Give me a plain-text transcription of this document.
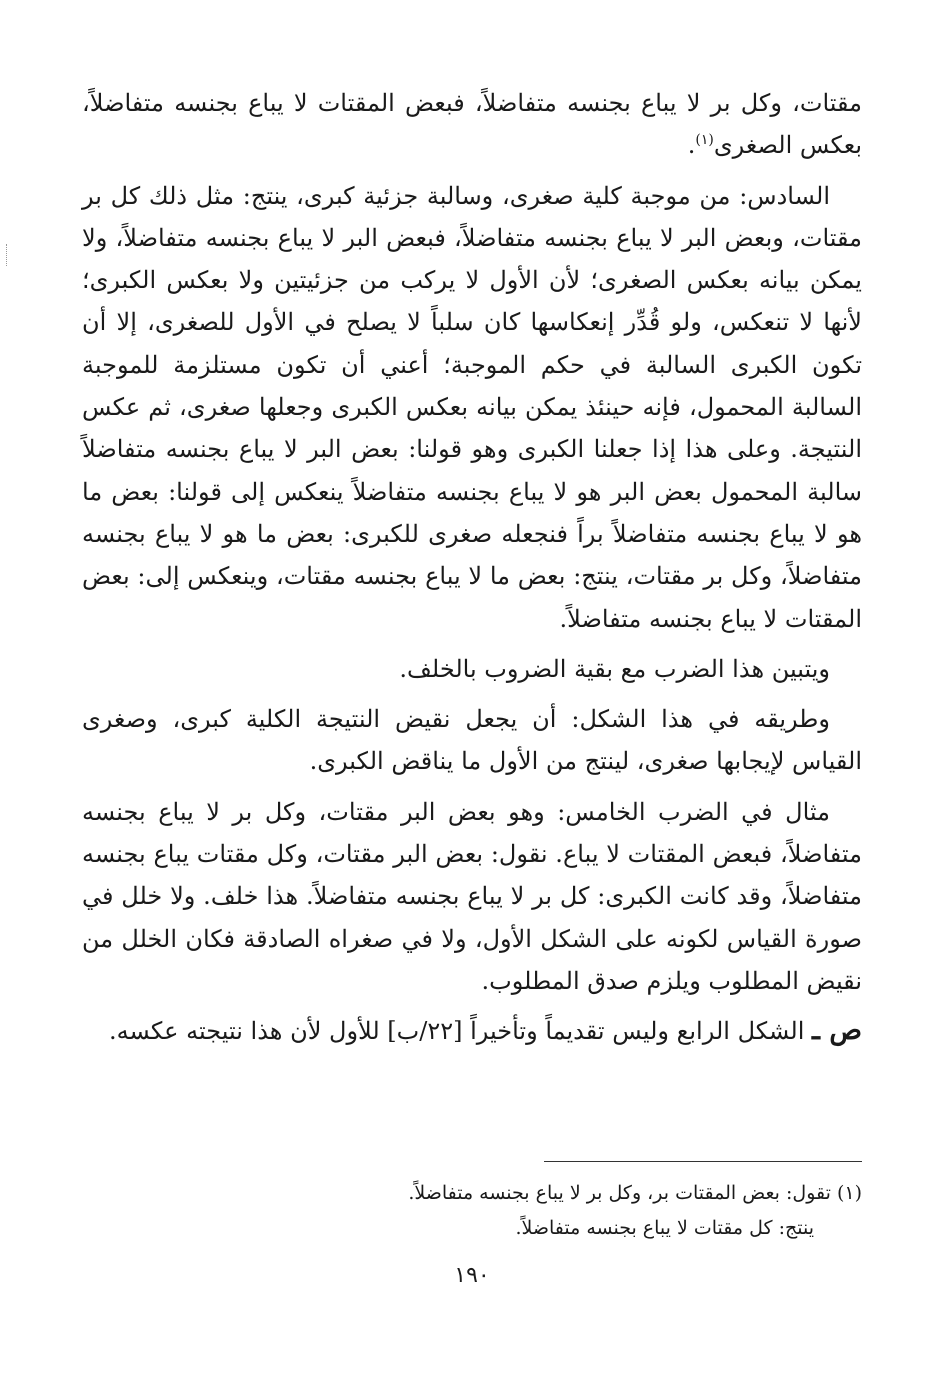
مقتات، وكل بر لا يباع بجنسه متفاضلاً، فبعض المقتات لا يباع بجنسه متفاضلاً، بعكس الصغرى$^{(١)}$.

السادس: من موجبة كلية صغرى، وسالبة جزئية كبرى، ينتج: مثل ذلك كل بر مقتات، وبعض البر لا يباع بجنسه متفاضلاً، فبعض البر لا يباع بجنسه متفاضلاً، ولا يمكن بيانه بعكس الصغرى؛ لأن الأول لا يركب من جزئيتين ولا بعكس الكبرى؛ لأنها لا تنعكس، ولو قُدِّر إنعكاسها كان سلباً لا يصلح في الأول للصغرى، إلا أن تكون الكبرى السالبة في حكم الموجبة؛ أعني أن تكون مستلزمة للموجبة السالبة المحمول، فإنه حينئذ يمكن بيانه بعكس الكبرى وجعلها صغرى، ثم عكس النتيجة. وعلى هذا إذا جعلنا الكبرى وهو قولنا: بعض البر لا يباع بجنسه متفاضلاً سالبة المحمول بعض البر هو لا يباع بجنسه متفاضلاً ينعكس إلى قولنا: بعض ما هو لا يباع بجنسه متفاضلاً براً فنجعله صغرى للكبرى: بعض ما هو لا يباع بجنسه متفاضلاً، وكل بر مقتات، ينتج: بعض ما لا يباع بجنسه مقتات، وينعكس إلى: بعض المقتات لا يباع بجنسه متفاضلاً.

ويتبين هذا الضرب مع بقية الضروب بالخلف.

وطريقه في هذا الشكل: أن يجعل نقيض النتيجة الكلية كبرى، وصغرى القياس لإيجابها صغرى، لينتج من الأول ما يناقض الكبرى.

مثال في الضرب الخامس: وهو بعض البر مقتات، وكل بر لا يباع بجنسه متفاضلاً، فبعض المقتات لا يباع. نقول: بعض البر مقتات، وكل مقتات يباع بجنسه متفاضلاً، وقد كانت الكبرى: كل بر لا يباع بجنسه متفاضلاً. هذا خلف. ولا خلل في صورة القياس لكونه على الشكل الأول، ولا في صغراه الصادقة فكان الخلل من نقيض المطلوب ويلزم صدق المطلوب.

ص ـ الشكل الرابع وليس تقديماً وتأخيراً [٢٢/ب] للأول لأن هذا نتيجته عكسه.

(١) تقول: بعض المقتات بر، وكل بر لا يباع بجنسه متفاضلاً.
ينتج: كل مقتات لا يباع بجنسه متفاضلاً.
١٩٠
